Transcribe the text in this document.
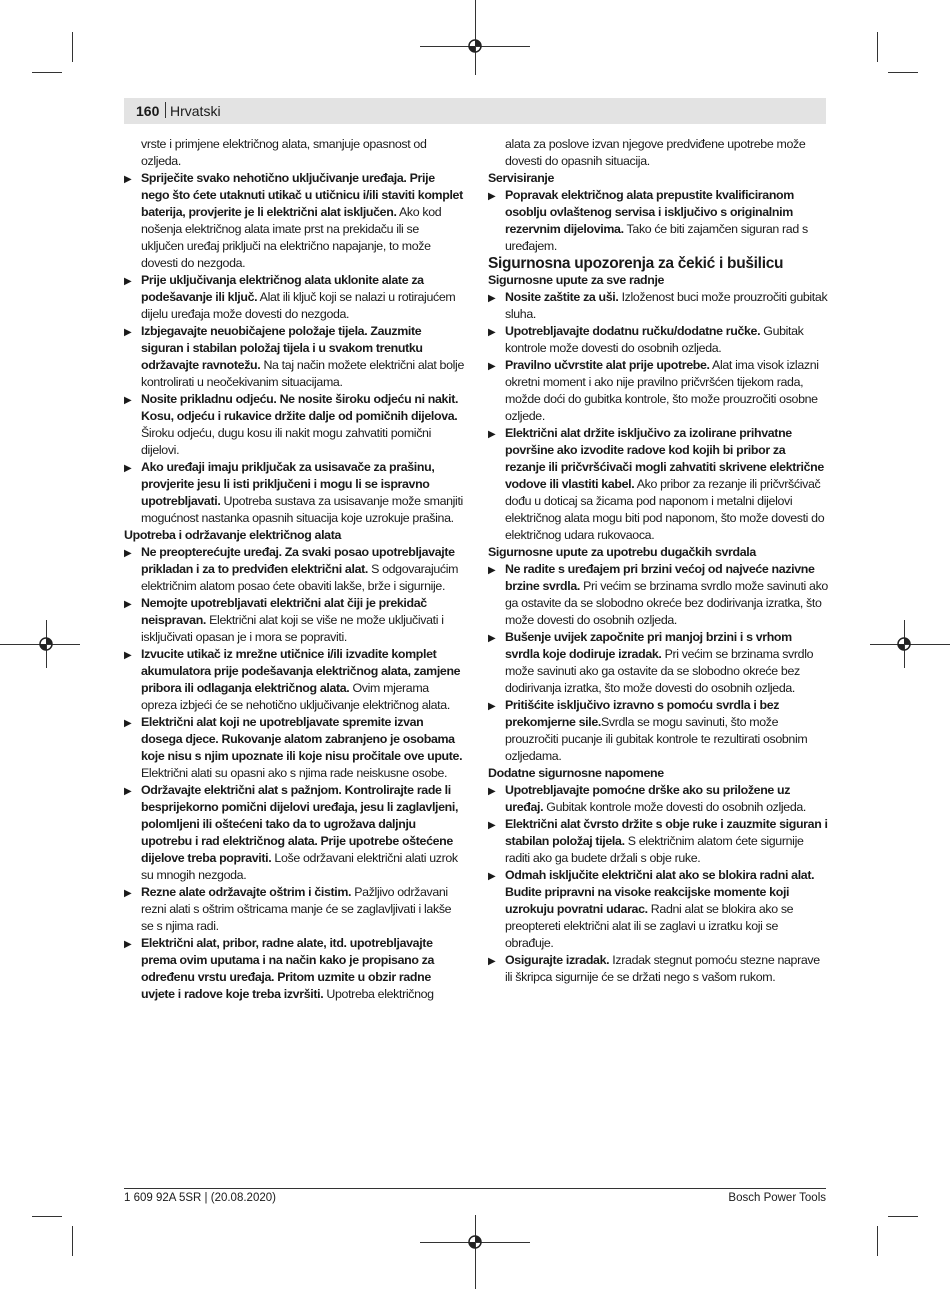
160 Hrvatski

vrste i primjene električnog alata, smanjuje opasnost od ozljeda.

▶ Spriječite svako nehotično uključivanje uređaja. Prije nego što ćete utaknuti utikač u utičnicu i/ili staviti komplet baterija, provjerite je li električni alat isključen. Ako kod nošenja električnog alata imate prst na prekidaču ili se uključen uređaj priključi na električno napajanje, to može dovesti do nezgoda.

▶ Prije uključivanja električnog alata uklonite alate za podešavanje ili ključ. Alat ili ključ koji se nalazi u rotirajućem dijelu uređaja može dovesti do nezgoda.

▶ Izbjegavajte neuobičajene položaje tijela. Zauzmite siguran i stabilan položaj tijela i u svakom trenutku održavajte ravnotežu. Na taj način možete električni alat bolje kontrolirati u neočekivanim situacijama.

▶ Nosite prikladnu odjeću. Ne nosite široku odjeću ni nakit. Kosu, odjeću i rukavice držite dalje od pomičnih dijelova. Široku odjeću, dugu kosu ili nakit mogu zahvatiti pomični dijelovi.

▶ Ako uređaji imaju priključak za usisavače za prašinu, provjerite jesu li isti priključeni i mogu li se ispravno upotrebljavati. Upotreba sustava za usisavanje može smanjiti mogućnost nastanka opasnih situacija koje uzrokuje prašina.

Upotreba i održavanje električnog alata

▶ Ne preopterećujte uređaj. Za svaki posao upotrebljavajte prikladan i za to predviđen električni alat. S odgovarajućim električnim alatom posao ćete obaviti lakše, brže i sigurnije.

▶ Nemojte upotrebljavati električni alat čiji je prekidač neispravan. Električni alat koji se više ne može uključivati i isključivati opasan je i mora se popraviti.

▶ Izvucite utikač iz mrežne utičnice i/ili izvadite komplet akumulatora prije podešavanja električnog alata, zamjene pribora ili odlaganja električnog alata. Ovim mjerama opreza izbjeći će se nehotično uključivanje električnog alata.

▶ Električni alat koji ne upotrebljavate spremite izvan dosega djece. Rukovanje alatom zabranjeno je osobama koje nisu s njim upoznate ili koje nisu pročitale ove upute. Električni alati su opasni ako s njima rade neiskusne osobe.

▶ Održavajte električni alat s pažnjom. Kontrolirajte rade li besprijekorno pomični dijelovi uređaja, jesu li zaglavljeni, polomljeni ili oštećeni tako da to ugrožava daljnju upotrebu i rad električnog alata. Prije upotrebe oštećene dijelove treba popraviti. Loše održavani električni alati uzrok su mnogih nezgoda.

▶ Rezne alate održavajte oštrim i čistim. Pažljivo održavani rezni alati s oštrim oštricama manje će se zaglavljivati i lakše se s njima radi.

▶ Električni alat, pribor, radne alate, itd. upotrebljavajte prema ovim uputama i na način kako je propisano za određenu vrstu uređaja. Pritom uzmite u obzir radne uvjete i radove koje treba izvršiti. Upotreba električnog

alata za poslove izvan njegove predviđene upotrebe može dovesti do opasnih situacija.

Servisiranje

▶ Popravak električnog alata prepustite kvalificiranom osoblju ovlaštenog servisa i isključivo s originalnim rezervnim dijelovima. Tako će biti zajamčen siguran rad s uređajem.

Sigurnosna upozorenja za čekić i bušilicu

Sigurnosne upute za sve radnje

▶ Nosite zaštite za uši. Izloženost buci može prouzročiti gubitak sluha.

▶ Upotrebljavajte dodatnu ručku/dodatne ručke. Gubitak kontrole može dovesti do osobnih ozljeda.

▶ Pravilno učvrstite alat prije upotrebe. Alat ima visok izlazni okretni moment i ako nije pravilno pričvršćen tijekom rada, možde doći do gubitka kontrole, što može prouzročiti osobne ozljede.

▶ Električni alat držite isključivo za izolirane prihvatne površine ako izvodite radove kod kojih bi pribor za rezanje ili pričvršćivači mogli zahvatiti skrivene električne vodove ili vlastiti kabel. Ako pribor za rezanje ili pričvršćivač dođu u doticaj sa žicama pod naponom i metalni dijelovi električnog alata mogu biti pod naponom, što može dovesti do električnog udara rukovaoca.

Sigurnosne upute za upotrebu dugačkih svrdala

▶ Ne radite s uređajem pri brzini većoj od najveće nazivne brzine svrdla. Pri većim se brzinama svrdlo može savinuti ako ga ostavite da se slobodno okreće bez dodirivanja izratka, što može dovesti do osobnih ozljeda.

▶ Bušenje uvijek započnite pri manjoj brzini i s vrhom svrdla koje dodiruje izradak. Pri većim se brzinama svrdlo može savinuti ako ga ostavite da se slobodno okreće bez dodirivanja izratka, što može dovesti do osobnih ozljeda.

▶ Pritišćite isključivo izravno s pomoću svrdla i bez prekomjerne sile.Svrdla se mogu savinuti, što može prouzročiti pucanje ili gubitak kontrole te rezultirati osobnim ozljedama.

Dodatne sigurnosne napomene

▶ Upotrebljavajte pomoćne drške ako su priložene uz uređaj. Gubitak kontrole može dovesti do osobnih ozljeda.

▶ Električni alat čvrsto držite s obje ruke i zauzmite siguran i stabilan položaj tijela. S električnim alatom ćete sigurnije raditi ako ga budete držali s obje ruke.

▶ Odmah isključite električni alat ako se blokira radni alat. Budite pripravni na visoke reakcijske momente koji uzrokuju povratni udarac. Radni alat se blokira ako se preoptereti električni alat ili se zaglavi u izratku koji se obrađuje.

▶ Osigurajte izradak. Izradak stegnut pomoću stezne naprave ili škripca sigurnije će se držati nego s vašom rukom.

1 609 92A 5SR | (20.08.2020)	Bosch Power Tools
